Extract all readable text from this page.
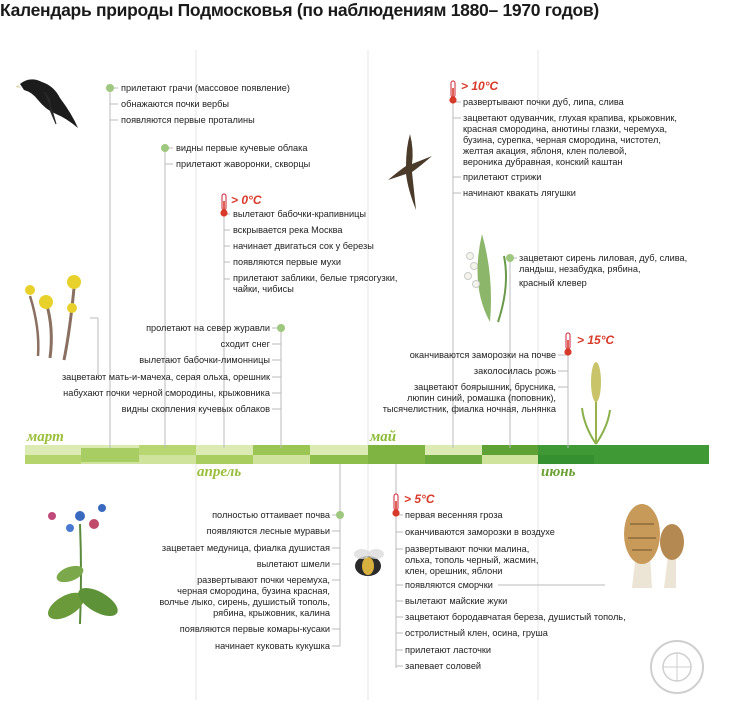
Календарь природы Подмосковья (по наблюдениям 1880– 1970 годов)
март
апрель
май
июнь
> 0°C
> 10°C
> 15°C
> 5°C
прилетают грачи (массовое появление)
обнажаются почки вербы
появляются первые проталины
видны первые кучевые облака
прилетают жаворонки, скворцы
вылетают бабочки-крапивницы
вскрывается река Москва
начинает двигаться сок у березы
появляются первые мухи
прилетают заблики, белые трясогузки,
чайки, чибисы
пролетают на север журавли
сходит снег
вылетают бабочки-лимонницы
зацветают мать-и-мачеха, серая ольха, орешник
набухают почки черной смородины, крыжовника
видны скопления кучевых облаков
развертывают почки дуб, липа, слива
зацветают одуванчик, глухая крапива, крыжовник,
красная смородина, анютины глазки, черемуха,
бузина, сурепка, черная смородина, чистотел,
желтая акация, яблоня, клен полевой,
вероника дубравная, конский каштан
прилетают стрижи
начинают квакать лягушки
зацветают сирень лиловая, дуб, слива,
ландыш, незабудка, рябина,
красный клевер
оканчиваются заморозки на почве
заколосилась рожь
зацветают боярышник, брусника,
люпин синий, ромашка (поповник),
тысячелистник, фиалка ночная, льнянка
полностью оттаивает почва
появляются лесные муравьи
зацветает медуница, фиалка душистая
вылетают шмели
развертывают почки черемуха,
черная смородина, бузина красная,
волчье лыко, сирень, душистый тополь,
рябина, крыжовник, калина
появляются первые комары-кусаки
начинает куковать кукушка
первая весенняя гроза
оканчиваются заморозки в воздухе
развертывают почки малина,
ольха, тополь черный, жасмин,
клен, орешник, яблони
появляются сморчки
вылетают майские жуки
зацветают бородавчатая береза, душистый тополь,
остролистный клен, осина, груша
прилетают ласточки
запевает соловей
